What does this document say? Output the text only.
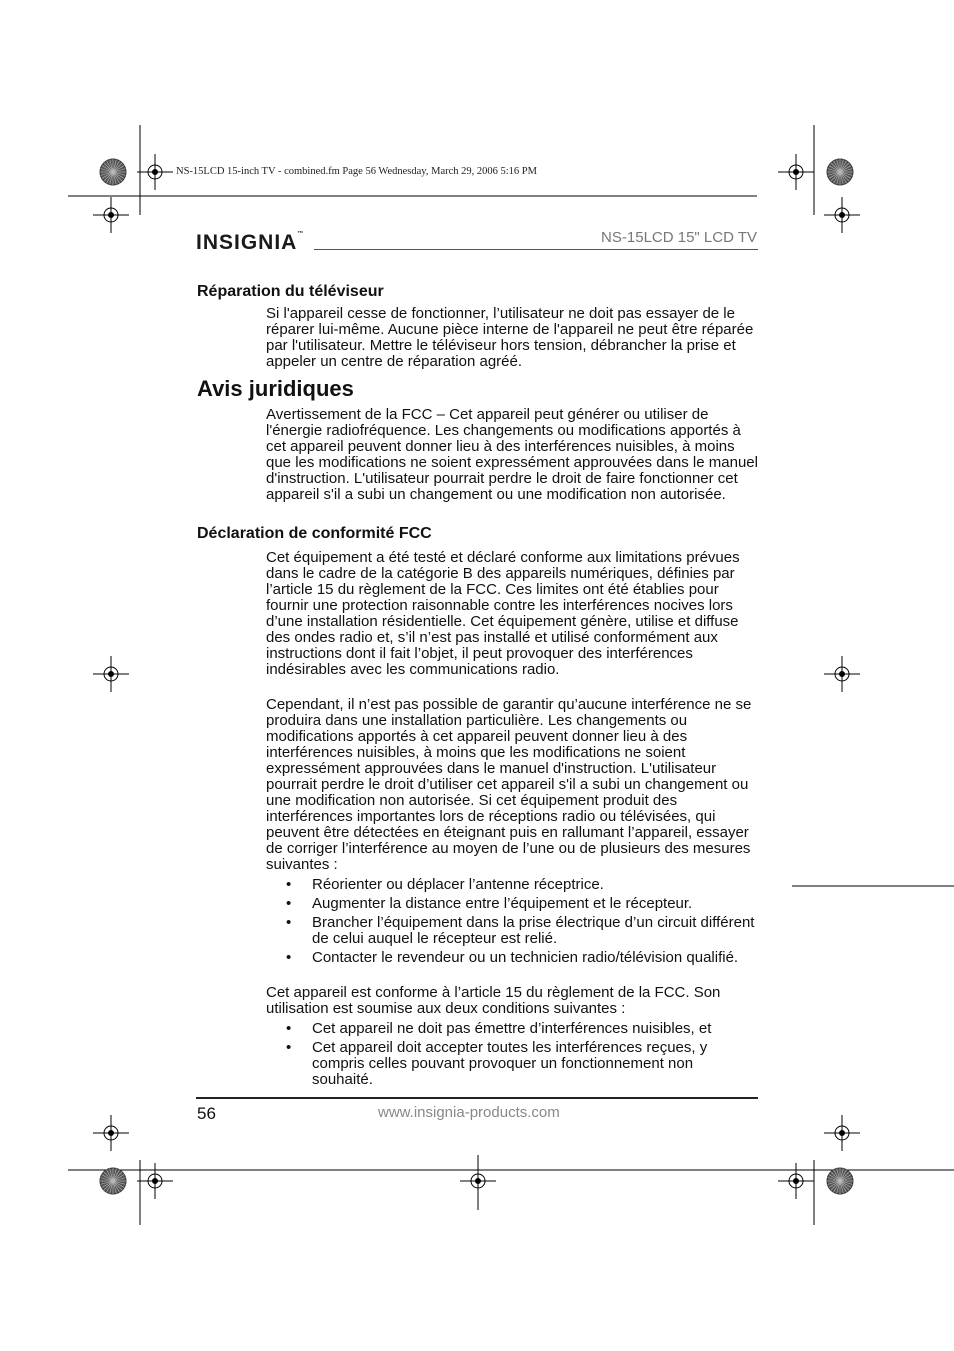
NS-15LCD 15-inch TV - combined.fm Page 56 Wednesday, March 29, 2006 5:16 PM
INSIGNIA™	NS-15LCD 15" LCD TV
Réparation du téléviseur

Si l'appareil cesse de fonctionner, l’utilisateur ne doit pas essayer de le réparer lui-même. Aucune pièce interne de l'appareil ne peut être réparée par l'utilisateur. Mettre le téléviseur hors tension, débrancher la prise et appeler un centre de réparation agréé.

Avis juridiques

Avertissement de la FCC – Cet appareil peut générer ou utiliser de l'énergie radiofréquence. Les changements ou modifications apportés à cet appareil peuvent donner lieu à des interférences nuisibles, à moins que les modifications ne soient expressément approuvées dans le manuel d'instruction. L'utilisateur pourrait perdre le droit de faire fonctionner cet appareil s'il a subi un changement ou une modification non autorisée.

Déclaration de conformité FCC

Cet équipement a été testé et déclaré conforme aux limitations prévues dans le cadre de la catégorie B des appareils numériques, définies par l’article 15 du règlement de la FCC. Ces limites ont été établies pour fournir une protection raisonnable contre les interférences nocives lors d’une installation résidentielle. Cet équipement génère, utilise et diffuse des ondes radio et, s’il n’est pas installé et utilisé conformément aux instructions dont il fait l’objet, il peut provoquer des interférences indésirables avec les communications radio.

Cependant, il n’est pas possible de garantir qu’aucune interférence ne se produira dans une installation particulière. Les changements ou modifications apportés à cet appareil peuvent donner lieu à des interférences nuisibles, à moins que les modifications ne soient expressément approuvées dans le manuel d'instruction. L'utilisateur pourrait perdre le droit d’utiliser cet appareil s'il a subi un changement ou une modification non autorisée. Si cet équipement produit des interférences importantes lors de réceptions radio ou télévisées, qui peuvent être détectées en éteignant puis en rallumant l’appareil, essayer de corriger l’interférence au moyen de l’une ou de plusieurs des mesures suivantes :

• Réorienter ou déplacer l’antenne réceptrice.
• Augmenter la distance entre l’équipement et le récepteur.
• Brancher l’équipement dans la prise électrique d’un circuit différent de celui auquel le récepteur est relié.
• Contacter le revendeur ou un technicien radio/télévision qualifié.

Cet appareil est conforme à l’article 15 du règlement de la FCC. Son utilisation est soumise aux deux conditions suivantes :

• Cet appareil ne doit pas émettre d’interférences nuisibles, et
• Cet appareil doit accepter toutes les interférences reçues, y compris celles pouvant provoquer un fonctionnement non souhaité.
56	www.insignia-products.com
